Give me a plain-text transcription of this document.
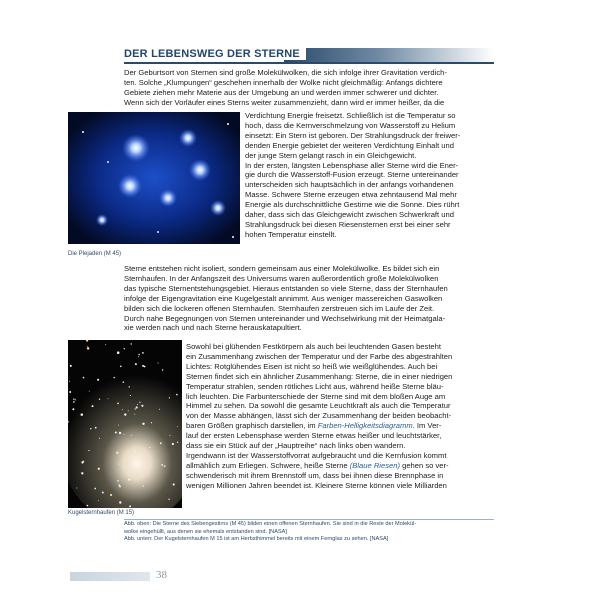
DER LEBENSWEG DER STERNE
Der Geburtsort von Sternen sind große Molekülwolken, die sich infolge ihrer Gravitation verdich-
ten. Solche „Klumpungen“ geschehen innerhalb der Wolke nicht gleichmäßig: Anfangs dichtere
Gebiete ziehen mehr Materie aus der Umgebung an und werden immer schwerer und dichter.
Wenn sich der Vorläufer eines Sterns weiter zusammenzieht, dann wird er immer heißer, da die
Die Plejaden (M 45)
Verdichtung Energie freisetzt. Schließlich ist die Temperatur so
hoch, dass die Kernverschmelzung von Wasserstoff zu Helium
einsetzt: Ein Stern ist geboren. Der Strahlungsdruck der freiwer-
denden Energie gebietet der weiteren Verdichtung Einhalt und
der junge Stern gelangt rasch in ein Gleichgewicht.
In der ersten, längsten Lebensphase aller Sterne wird die Ener-
gie durch die Wasserstoff-Fusion erzeugt. Sterne untereinander
unterscheiden sich hauptsächlich in der anfangs vorhandenen
Masse. Schwere Sterne erzeugen etwa zehntausend Mal mehr
Energie als durchschnittliche Gestirne wie die Sonne. Dies rührt
daher, dass sich das Gleichgewicht zwischen Schwerkraft und
Strahlungsdruck bei diesen Riesensternen erst bei einer sehr
hohen Temperatur einstellt.
Sterne entstehen nicht isoliert, sondern gemeinsam aus einer Molekülwolke. Es bildet sich ein
Sternhaufen. In der Anfangszeit des Universums waren außerordentlich große Molekülwolken
das typische Sternentstehungsgebiet. Hieraus entstanden so viele Sterne, dass der Sternhaufen
infolge der Eigengravitation eine Kugelgestalt annimmt. Aus weniger massereichen Gaswolken
bilden sich die lockeren offenen Sternhaufen. Sternhaufen zerstreuen sich im Laufe der Zeit.
Durch nahe Begegnungen von Sternen untereinander und Wechselwirkung mit der Heimatgala-
xie werden nach und nach Sterne herauskatapultiert.
Kugelsternhaufen (M 15)
Sowohl bei glühenden Festkörpern als auch bei leuchtenden Gasen besteht
ein Zusammenhang zwischen der Temperatur und der Farbe des abgestrahlten
Lichtes: Rotglühendes Eisen ist nicht so heiß wie weißglühendes. Auch bei
Sternen findet sich ein ähnlicher Zusammenhang: Sterne, die in einer niedrigen
Temperatur strahlen, senden rötliches Licht aus, während heiße Sterne bläu-
lich leuchten. Die Farbunterschiede der Sterne sind mit dem bloßen Auge am
Himmel zu sehen. Da sowohl die gesamte Leuchtkraft als auch die Temperatur
von der Masse abhängen, lässt sich der Zusammenhang der beiden beobacht-
baren Größen graphisch darstellen, im Farben-Helligkeitsdiagramm. Im Ver-
lauf der ersten Lebensphase werden Sterne etwas heißer und leuchtstärker,
dass sie ein Stück auf der „Hauptreihe“ nach links oben wandern.
Irgendwann ist der Wasserstoffvorrat aufgebraucht und die Kernfusion kommt
allmählich zum Erliegen. Schwere, heiße Sterne (Blaue Riesen) gehen so ver-
schwenderisch mit ihrem Brennstoff um, dass bei ihnen diese Brennphase in
wenigen Millionen Jahren beendet ist. Kleinere Sterne können viele Milliarden
Abb. oben: Die Sterne des Siebengestirns (M 45) bilden einen offenen Sternhaufen. Sie sind in die Reste der Molekül-
wolke eingehüllt, aus denen sie ehemals entstanden sind. [NASA]
Abb. unten: Der Kugelsternhaufen M 15 ist am Herbsthimmel bereits mit einem Fernglas zu sehen. [NASA]
38
